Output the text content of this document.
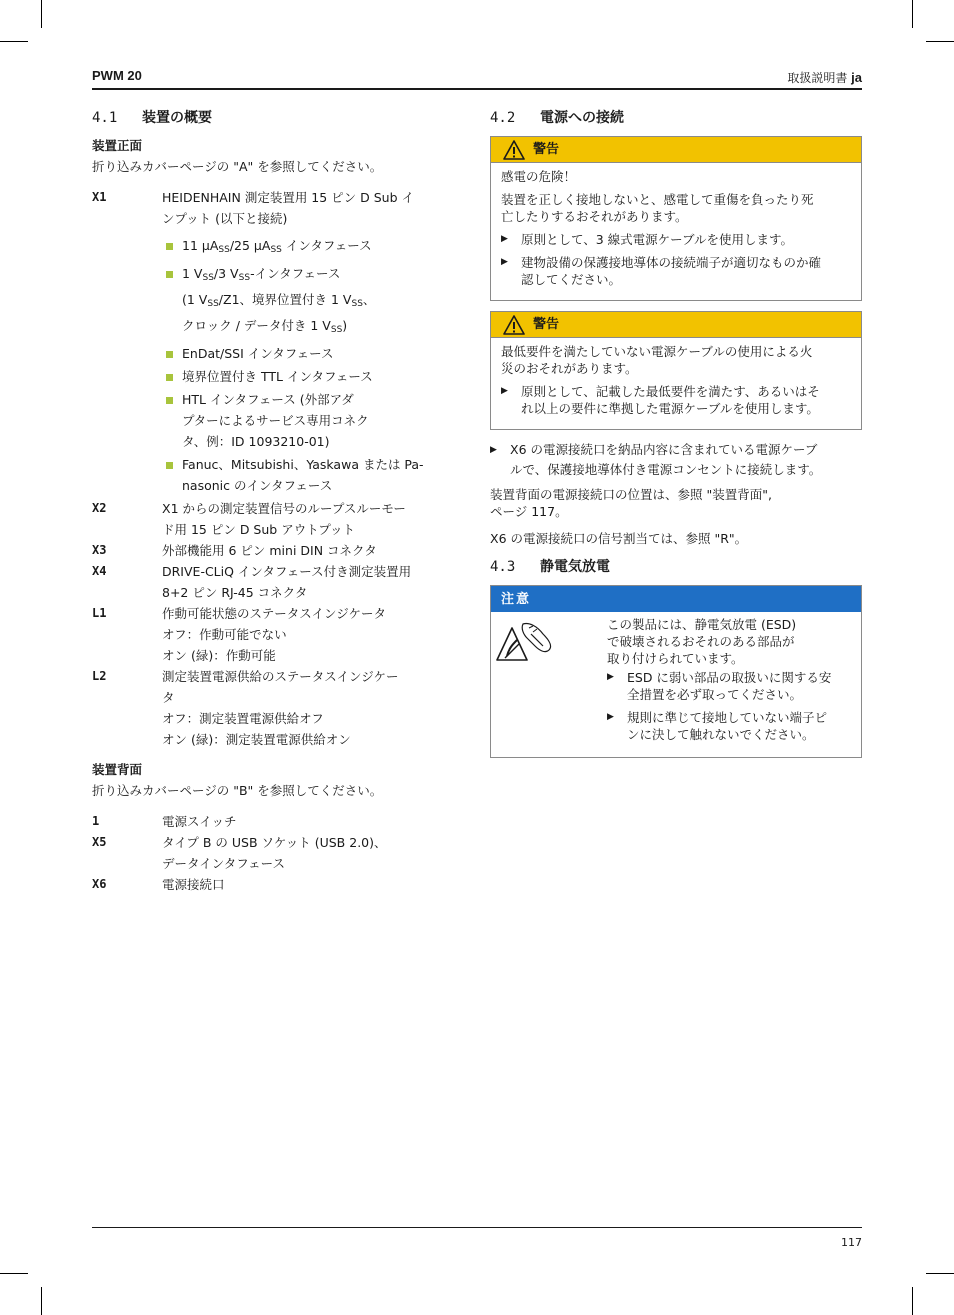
PWM 20	取扱説明書 ja
4.1	装置の概要
装置正面

折り込みカバーページの "A" を参照してください。

X1	HEIDENHAIN 測定装置用 15 ピン D Sub イ
ンプット (以下と接続)
11 $\mu A_{SS}/25$ $\mu A_{SS}$ インタフェース
1 $V_{SS}/3$ $V_{SS}-$インタフェース
(1 $V_{SS}/Z1$、境界位置付き 1 $V_{SS}$、
クロック / データ付き 1 $V_{SS}$)
EnDat/SSI インタフェース
境界位置付き TTL インタフェース
HTL インタフェース (外部アダ
プターによるサービス専用コネク
タ、例：ID 1093210-01)
Fanuc、Mitsubishi、Yaskawa または Pa-
nasonic のインタフェース
X2	X1 からの測定装置信号のループスルーモー
ド用 15 ピン D Sub アウトプット
X3	外部機能用 6 ピン mini DIN コネクタ
X4	DRIVE-CLiQ インタフェース付き測定装置用
8+2 ピン RJ-45 コネクタ
L1	作動可能状態のステータスインジケータ
オフ：作動可能でない
オン (緑)：作動可能
L2	測定装置電源供給のステータスインジケー
タ
オフ：測定装置電源供給オフ
オン (緑)：測定装置電源供給オン
装置背面

折り込みカバーページの "B" を参照してください。

1	電源スイッチ
X5	タイプ B の USB ソケット (USB 2.0)、
データインタフェース
X6	電源接続口
4.2	電源への接続
警告

感電の危険！

装置を正しく接地しないと、感電して重傷を負ったり死
亡したりするおそれがあります。

▶ 原則として、3 線式電源ケーブルを使用します。
▶ 建物設備の保護接地導体の接続端子が適切なものか確
認してください。
警告

最低要件を満たしていない電源ケーブルの使用による火
災のおそれがあります。

▶ 原則として、記載した最低要件を満たす、あるいはそ
れ以上の要件に準拠した電源ケーブルを使用します。
▶ X6 の電源接続口を納品内容に含まれている電源ケーブ
ルで、保護接地導体付き電源コンセントに接続します。

装置背面の電源接続口の位置は、参照 "装置背面",
ページ 117。

X6 の電源接続口の信号割当ては、参照 "R"。

4.3	静電気放電
注意

この製品には、静電気放電 (ESD)
で破壊されるおそれのある部品が
取り付けられています。

▶ ESD に弱い部品の取扱いに関する安
全措置を必ず取ってください。
▶ 規則に準じて接地していない端子ピ
ンに決して触れないでください。
117
